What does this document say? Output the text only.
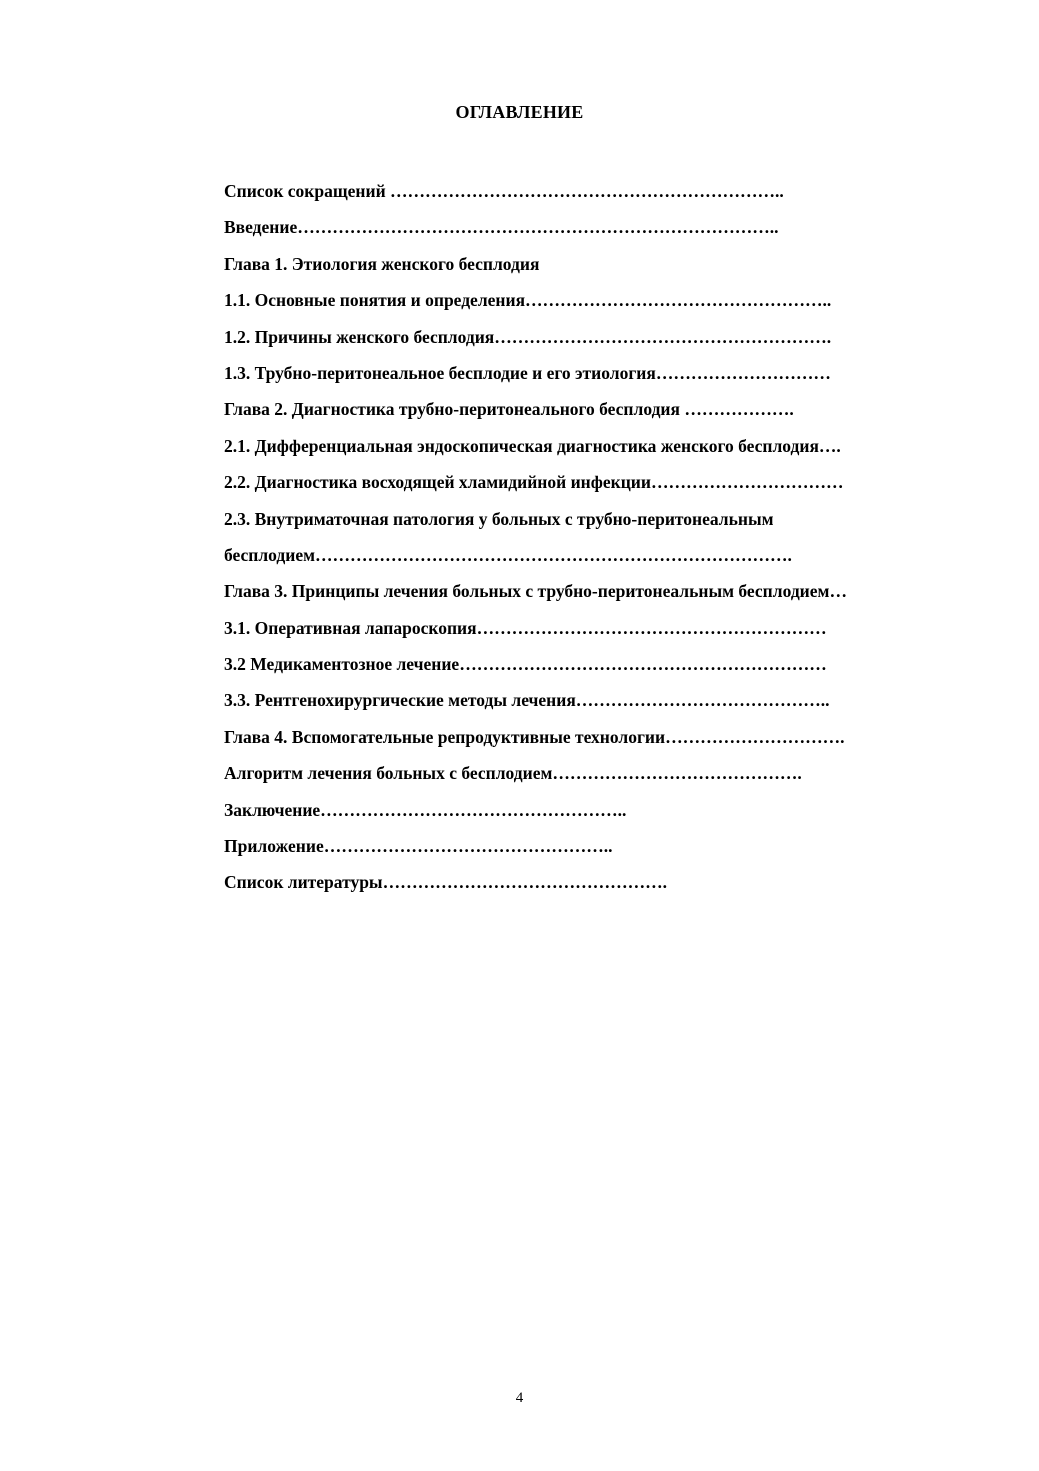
ОГЛАВЛЕНИЕ
Список сокращений …………………………………………………………..
Введение………………………………………………………………………..
Глава 1. Этиология женского бесплодия
1.1. Основные понятия и определения……………………………………………..
1.2. Причины женского бесплодия………………………………………………….
1.3. Трубно-перитонеальное бесплодие и его этиология…………………………
Глава 2. Диагностика трубно-перитонеального бесплодия ……………….
2.1. Дифференциальная эндоскопическая диагностика женского бесплодия….
2.2. Диагностика восходящей хламидийной инфекции……………………………
2.3. Внутриматочная патология у больных с трубно-перитонеальным
бесплодием……………………………………………………………………….
Глава 3. Принципы лечения больных с трубно-перитонеальным бесплодием…
3.1. Оперативная лапароскопия……………………………………………………
3.2 Медикаментозное лечение………………………………………………………
3.3. Рентгенохирургические методы лечения……………………………………..
Глава 4. Вспомогательные репродуктивные технологии………………………….
Алгоритм лечения больных с бесплодием…………………………………….
Заключение……………………………………………..
Приложение…………………………………………..
Список литературы………………………………………….
4
